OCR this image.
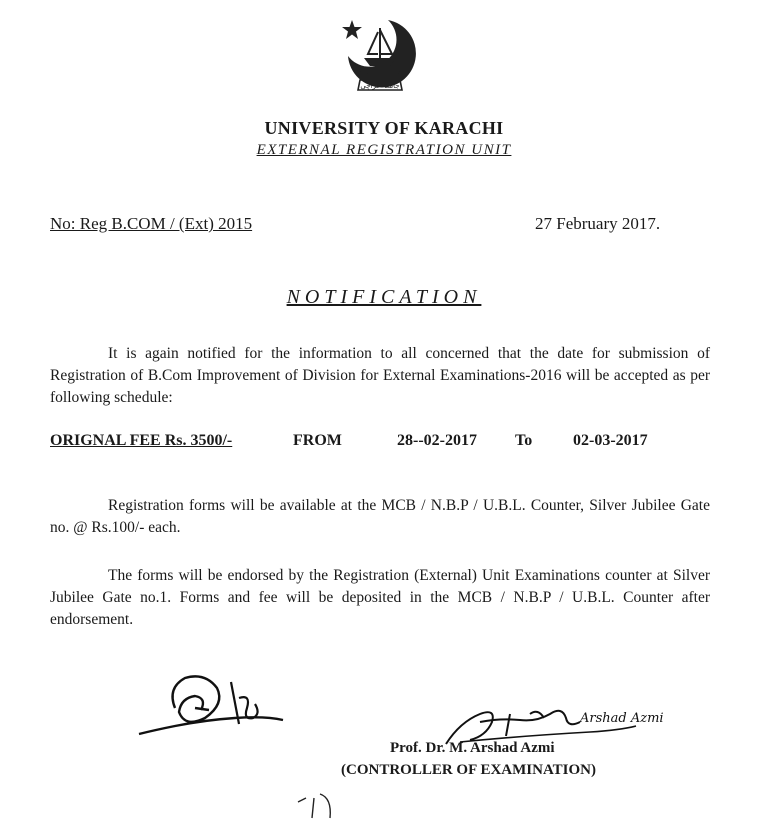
جامعہ کراچی
UNIVERSITY OF KARACHI
EXTERNAL REGISTRATION UNIT
No: Reg B.COM / (Ext) 2015	27 February 2017.
NOTIFICATION
It is again notified for the information to all concerned that the date for submission of Registration of B.Com Improvement of Division for External Examinations-2016 will be accepted as per following schedule:
ORIGNAL FEE Rs. 3500/-	FROM	28--02-2017 To	02-03-2017
Registration forms will be available at the MCB / N.B.P / U.B.L. Counter, Silver Jubilee Gate no. @ Rs.100/- each.
The forms will be endorsed by the Registration (External) Unit Examinations counter at Silver Jubilee Gate no.1. Forms and fee will be deposited in the MCB / N.B.P / U.B.L. Counter after endorsement.
Arshad Azmi
Prof. Dr. M. Arshad Azmi
(CONTROLLER OF EXAMINATION)
